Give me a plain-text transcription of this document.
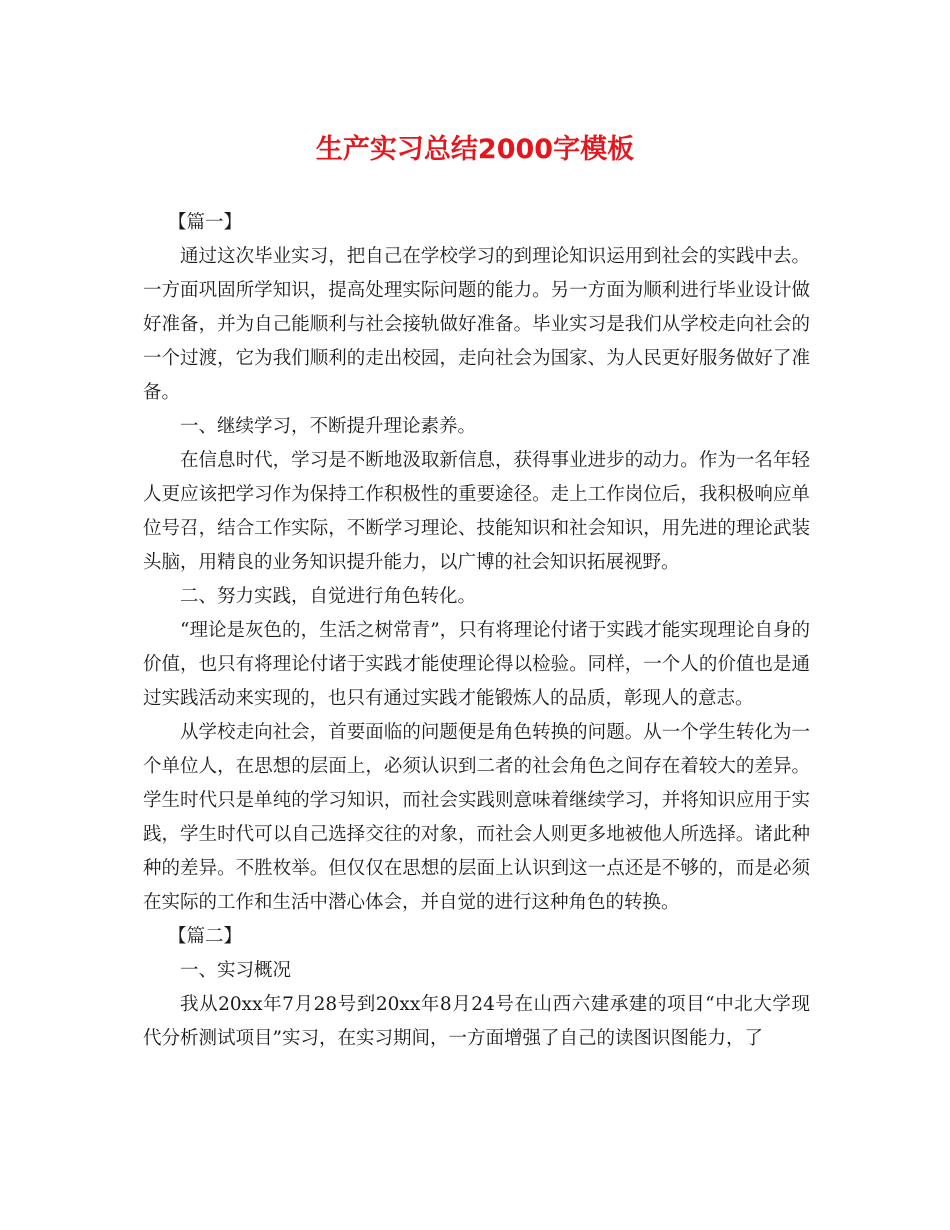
生产实习总结2000字模板

【篇一】

通过这次毕业实习，把自己在学校学习的到理论知识运用到社会的实践中去。一方面巩固所学知识，提高处理实际问题的能力。另一方面为顺利进行毕业设计做好准备，并为自己能顺利与社会接轨做好准备。毕业实习是我们从学校走向社会的一个过渡，它为我们顺利的走出校园，走向社会为国家、为人民更好服务做好了准备。

一、继续学习，不断提升理论素养。

在信息时代，学习是不断地汲取新信息，获得事业进步的动力。作为一名年轻人更应该把学习作为保持工作积极性的重要途径。走上工作岗位后，我积极响应单位号召，结合工作实际，不断学习理论、技能知识和社会知识，用先进的理论武装头脑，用精良的业务知识提升能力，以广博的社会知识拓展视野。

二、努力实践，自觉进行角色转化。

“理论是灰色的，生活之树常青”，只有将理论付诸于实践才能实现理论自身的价值，也只有将理论付诸于实践才能使理论得以检验。同样，一个人的价值也是通过实践活动来实现的，也只有通过实践才能锻炼人的品质，彰现人的意志。

从学校走向社会，首要面临的问题便是角色转换的问题。从一个学生转化为一个单位人，在思想的层面上，必须认识到二者的社会角色之间存在着较大的差异。学生时代只是单纯的学习知识，而社会实践则意味着继续学习，并将知识应用于实践，学生时代可以自己选择交往的对象，而社会人则更多地被他人所选择。诸此种种的差异。不胜枚举。但仅仅在思想的层面上认识到这一点还是不够的，而是必须在实际的工作和生活中潜心体会，并自觉的进行这种角色的转换。

【篇二】

一、实习概况

我从20xx年7月28号到20xx年8月24号在山西六建承建的项目“中北大学现代分析测试项目”实习，在实习期间，一方面增强了自己的读图识图能力，了
